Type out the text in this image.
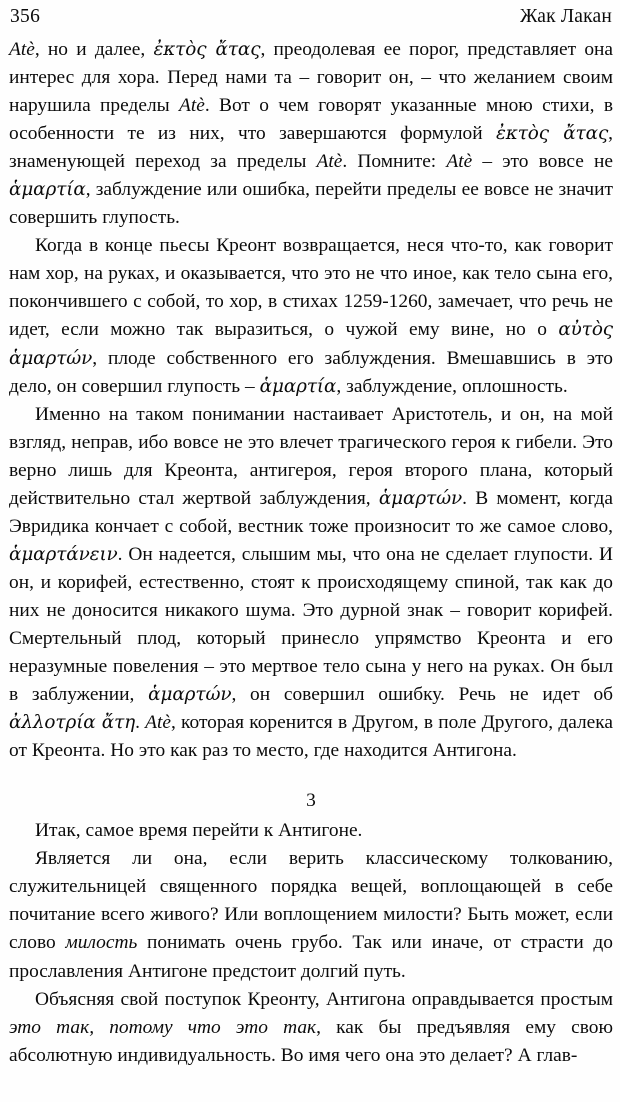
356	Жак Лакан

Atè, но и далее, ἐκτὸς ἄτας, преодолевая ее порог, представляет она интерес для хора. Перед нами та – говорит он, – что желанием своим нарушила пределы Atè. Вот о чем говорят указанные мною стихи, в особенности те из них, что завершаются формулой ἐκτὸς ἄτας, знаменующей переход за пределы Atè. Помните: Atè – это вовсе не ἁμαρτία, заблуждение или ошибка, перейти пределы ее вовсе не значит совершить глупость.

Когда в конце пьесы Креонт возвращается, неся что-то, как говорит нам хор, на руках, и оказывается, что это не что иное, как тело сына его, покончившего с собой, то хор, в стихах 1259-1260, замечает, что речь не идет, если можно так выразиться, о чужой ему вине, но о αὐτὸς ἁμαρτών, плоде собственного его заблуждения. Вмешавшись в это дело, он совершил глупость – ἁμαρτία, заблуждение, оплошность.

Именно на таком понимании настаивает Аристотель, и он, на мой взгляд, неправ, ибо вовсе не это влечет трагического героя к гибели. Это верно лишь для Креонта, антигероя, героя второго плана, который действительно стал жертвой заблуждения, ἁμαρτών. В момент, когда Эвридика кончает с собой, вестник тоже произносит то же самое слово, ἁμαρτάνειν. Он надеется, слышим мы, что она не сделает глупости. И он, и корифей, естественно, стоят к происходящему спиной, так как до них не доносится никакого шума. Это дурной знак – говорит корифей. Смертельный плод, который принесло упрямство Креонта и его неразумные повеления – это мертвое тело сына у него на руках. Он был в заблужении, ἁμαρτών, он совершил ошибку. Речь не идет об ἀλλοτρία ἄτη. Atè, которая коренится в Другом, в поле Другого, далека от Креонта. Но это как раз то место, где находится Антигона.

3

Итак, самое время перейти к Антигоне.

Является ли она, если верить классическому толкованию, служительницей священного порядка вещей, воплощающей в себе почитание всего живого? Или воплощением милости? Быть может, если слово милость понимать очень грубо. Так или иначе, от страсти до прославления Антигоне предстоит долгий путь.

Объясняя свой поступок Креонту, Антигона оправдывается простым это так, потому что это так, как бы предъявляя ему свою абсолютную индивидуальность. Во имя чего она это делает? А глав-
